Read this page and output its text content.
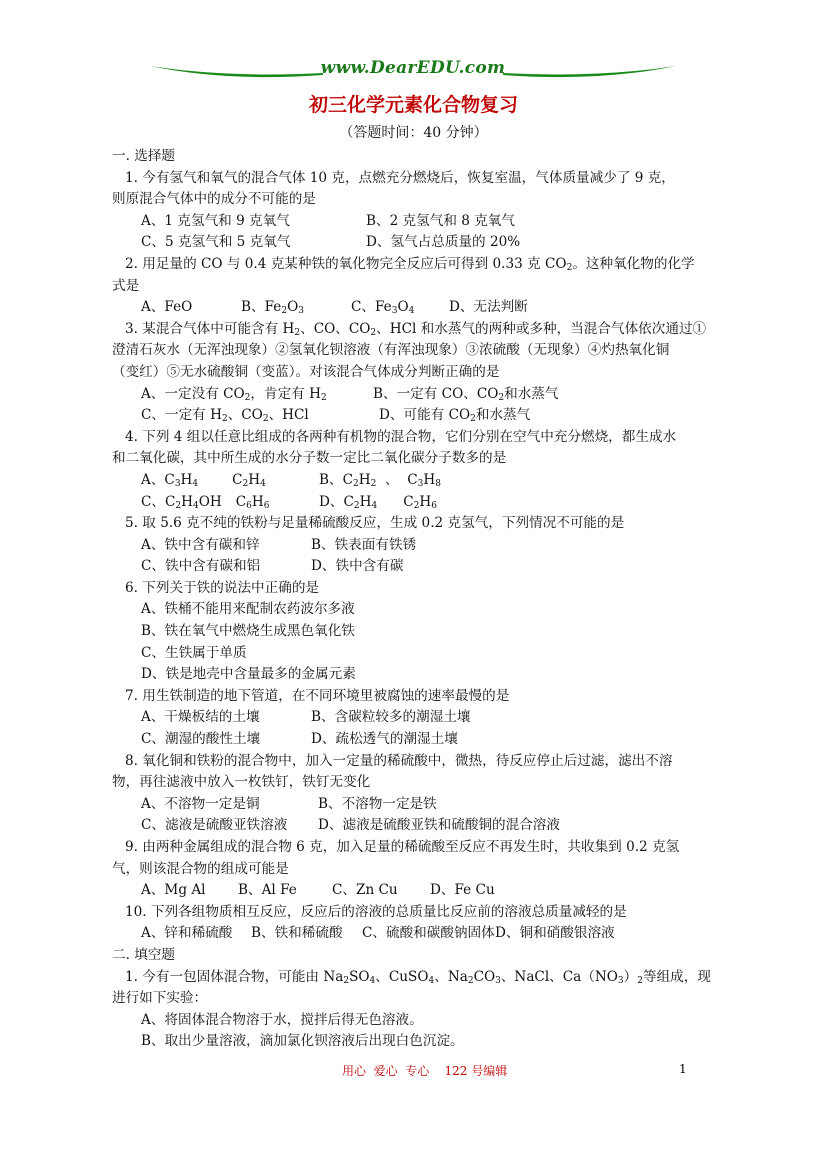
www.DearEDU.com
初三化学元素化合物复习
（答题时间：40 分钟）
一. 选择题
1. 今有氢气和氧气的混合气体 10 克，点燃充分燃烧后，恢复室温，气体质量减少了 9 克，
则原混合气体中的成分不可能的是
A、1 克氢气和 9 克氧气	B、2 克氢气和 8 克氧气
C、5 克氢气和 5 克氧气	D、氢气占总质量的 20%
2. 用足量的 CO 与 0.4 克某种铁的氧化物完全反应后可得到 0.33 克 $CO_2$。这种氧化物的化学
式是
A、FeO	B、$Fe_2O_3$	C、$Fe_3O_4$	D、无法判断
3. 某混合气体中可能含有 $H_2$、CO、$CO_2$、HCl 和水蒸气的两种或多种，当混合气体依次通过①
澄清石灰水（无浑浊现象）②氢氧化钡溶液（有浑浊现象）③浓硫酸（无现象）④灼热氧化铜
（变红）⑤无水硫酸铜（变蓝）。对该混合气体成分判断正确的是
A、一定没有 $CO_2$，肯定有 $H_2$	B、一定有 CO、$CO_2$和水蒸气
C、一定有 $H_2$、$CO_2$、HCl	D、可能有 $CO_2$和水蒸气
4. 下列 4 组以任意比组成的各两种有机物的混合物，它们分别在空气中充分燃烧，都生成水
和二氧化碳，其中所生成的水分子数一定比二氧化碳分子数多的是
A、$C_3H_4$	$C_2H_4$	B、$C_2H_2$ 、 $C_3H_8$
C、$C_2H_4OH$ $C_6H_6$	D、$C_2H_4$ $C_2H_6$
5. 取 5.6 克不纯的铁粉与足量稀硫酸反应，生成 0.2 克氢气，下列情况不可能的是
A、铁中含有碳和锌	B、铁表面有铁锈
C、铁中含有碳和铝	D、铁中含有碳
6. 下列关于铁的说法中正确的是
A、铁桶不能用来配制农药波尔多液
B、铁在氧气中燃烧生成黑色氧化铁
C、生铁属于单质
D、铁是地壳中含量最多的金属元素
7. 用生铁制造的地下管道，在不同环境里被腐蚀的速率最慢的是
A、干燥板结的土壤	B、含碳粒较多的潮湿土壤
C、潮湿的酸性土壤	D、疏松透气的潮湿土壤
8. 氧化铜和铁粉的混合物中，加入一定量的稀硫酸中，微热，待反应停止后过滤，滤出不溶
物，再往滤液中放入一枚铁钉，铁钉无变化
A、不溶物一定是铜	B、不溶物一定是铁
C、滤液是硫酸亚铁溶液	D、滤液是硫酸亚铁和硫酸铜的混合溶液
9. 由两种金属组成的混合物 6 克，加入足量的稀硫酸至反应不再发生时，共收集到 0.2 克氢
气，则该混合物的组成可能是
A、Mg Al	B、Al Fe	C、Zn Cu	D、Fe Cu
10. 下列各组物质相互反应，反应后的溶液的总质量比反应前的溶液总质量减轻的是
A、锌和稀硫酸	B、铁和稀硫酸	C、硫酸和碳酸钠固体 D、铜和硝酸银溶液
二. 填空题
1. 今有一包固体混合物，可能由 $Na_2SO_4$、CuSO$_4$、$Na_2CO_3$、NaCl、$Ca(NO_3)_2$等组成，现
进行如下实验：
A、将固体混合物溶于水，搅拌后得无色溶液。
B、取出少量溶液，滴加氯化钡溶液后出现白色沉淀。
用心  爱心  专心    122 号编辑	1
